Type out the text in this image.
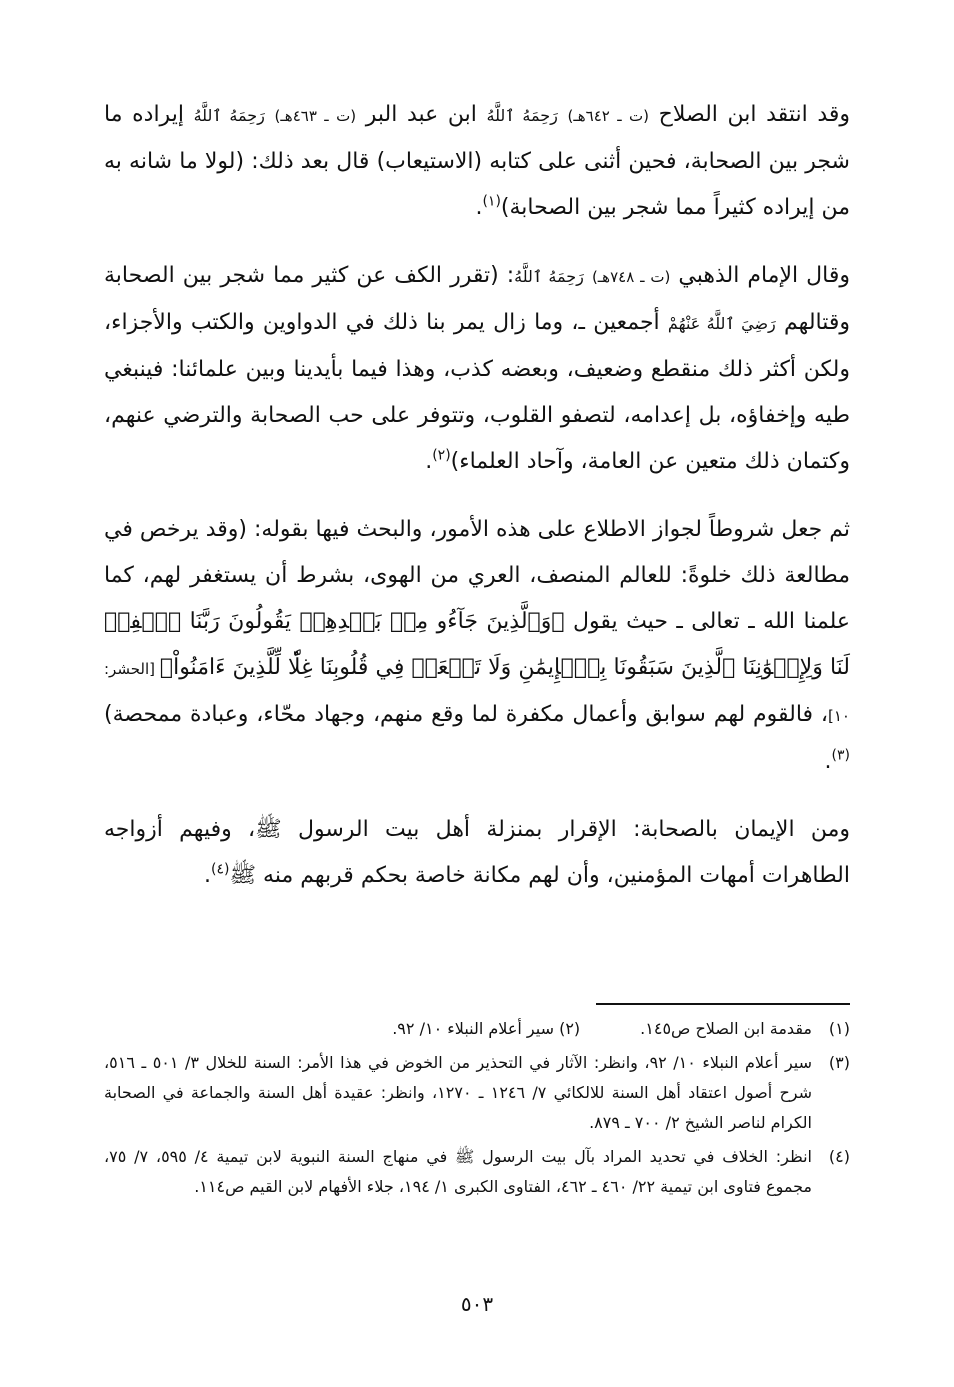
وقد انتقد ابن الصلاح (ت ـ ٦٤٢هـ) رَحِمَهُ ٱللَّهُ ابن عبد البر (ت ـ ٤٦٣هـ) رَحِمَهُ ٱللَّهُ إيراده ما شجر بين الصحابة، فحين أثنى على كتابه (الاستيعاب) قال بعد ذلك: (لولا ما شانه به من إيراده كثيراً مما شجر بين الصحابة)$^{(١)}$.

وقال الإمام الذهبي (ت ـ ٧٤٨هـ) رَحِمَهُ ٱللَّهُ: (تقرر الكف عن كثير مما شجر بين الصحابة وقتالهم رَضِيَ ٱللَّهُ عَنْهُمْ أجمعين ـ، وما زال يمر بنا ذلك في الدواوين والكتب والأجزاء، ولكن أكثر ذلك منقطع وضعيف، وبعضه كذب، وهذا فيما بأيدينا وبين علمائنا: فينبغي طيه وإخفاؤه، بل إعدامه، لتصفو القلوب، وتتوفر على حب الصحابة والترضي عنهم، وكتمان ذلك متعين عن العامة، وآحاد العلماء)$^{(٢)}$.

ثم جعل شروطاً لجواز الاطلاع على هذه الأمور، والبحث فيها بقوله: (وقد يرخص في مطالعة ذلك خلوةً: للعالم المنصف، العري من الهوى، بشرط أن يستغفر لهم، كما علمنا الله ـ تعالى ـ حيث يقول ﴿وَٱلَّذِينَ جَآءُو مِنۢ بَعۡدِهِمۡ يَقُولُونَ رَبَّنَا ٱغۡفِرۡ لَنَا وَلِإِخۡوَٰنِنَا ٱلَّذِينَ سَبَقُونَا بِٱلۡإِيمَٰنِ وَلَا تَجۡعَلۡ فِي قُلُوبِنَا غِلّٗا لِّلَّذِينَ ءَامَنُواْ﴾ [الحشر: ١٠]، فالقوم لهم سوابق وأعمال مكفرة لما وقع منهم، وجهاد محّاء، وعبادة ممحصة)$^{(٣)}$.

ومن الإيمان بالصحابة: الإقرار بمنزلة أهل بيت الرسول ﷺ، وفيهم أزواجه الطاهرات أمهات المؤمنين، وأن لهم مكانة خاصة بحكم قربهم منه ﷺ$^{(٤)}$.

(١)
مقدمة ابن الصلاح ص١٤٥.(٢) سير أعلام النبلاء ١٠/ ٩٢.
(٣)
سير أعلام النبلاء ١٠/ ٩٢، وانظر: الآثار في التحذير من الخوض في هذا الأمر: السنة للخلال ٣/ ٥٠١ ـ ٥١٦، شرح أصول اعتقاد أهل السنة للالكائي ٧/ ١٢٤٦ ـ ١٢٧٠، وانظر: عقيدة أهل السنة والجماعة في الصحابة الكرام لناصر الشيخ ٢/ ٧٠٠ ـ ٨٧٩.
(٤)
انظر: الخلاف في تحديد المراد بآل بيت الرسول ﷺ في منهاج السنة النبوية لابن تيمية ٤/ ٥٩٥، ٧/ ٧٥، مجموع فتاوى ابن تيمية ٢٢/ ٤٦٠ ـ ٤٦٢، الفتاوى الكبرى ١/ ١٩٤، جلاء الأفهام لابن القيم ص١١٤.
٥٠٣
